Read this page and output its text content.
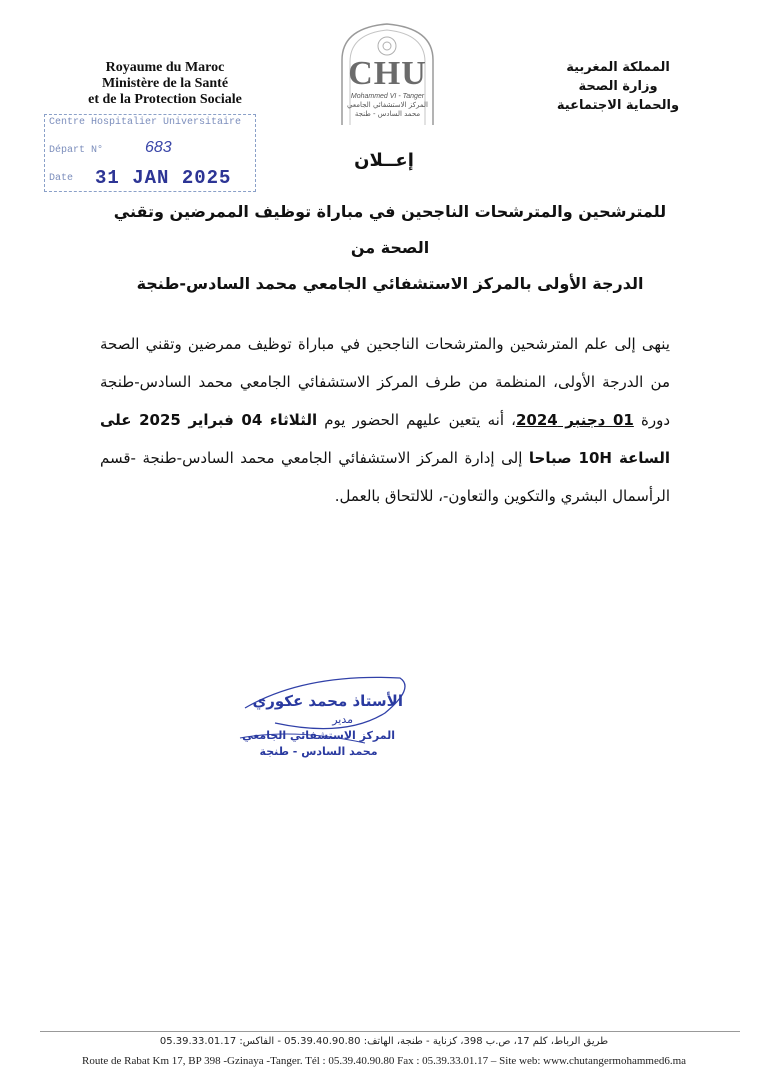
Royaume du Maroc
Ministère de la Santé
et de la Protection Sociale
CHU
Mohammed VI - Tanger
المركز الاستشفائي الجامعي
محمد السادس - طنجة
المملكة المغربية
وزارة الصحة
والحماية الاجتماعية
Centre Hospitalier Universitaire
Départ N°	683
Date 31 JAN 2025
إعــلان
للمترشحين والمترشحات الناجحين في مباراة توظيف الممرضين وتقني الصحة من
الدرجة الأولى بالمركز الاستشفائي الجامعي محمد السادس-طنجة
ينهى إلى علم المترشحين والمترشحات الناجحين في مباراة توظيف ممرضين وتقني الصحة من الدرجة الأولى، المنظمة من طرف المركز الاستشفائي الجامعي محمد السادس-طنجة دورة 01 دجنبر 2024، أنه يتعين عليهم الحضور يوم الثلاثاء 04 فبراير 2025 على الساعة 10H صباحا إلى إدارة المركز الاستشفائي الجامعي محمد السادس-طنجة -قسم الرأسمال البشري والتكوين والتعاون-، للالتحاق بالعمل.
الأستاذ محمد عكوري
مدير
المركز الاستشفائي الجامعي
محمد السادس - طنجة
طريق الرباط، كلم 17، ص.ب 398، كزناية - طنجة، الهاتف: 05.39.40.90.80 - الفاكس: 05.39.33.01.17
Route de Rabat Km 17, BP 398 -Gzinaya -Tanger. Tél : 05.39.40.90.80 Fax : 05.39.33.01.17 – Site web: www.chutangermohammed6.ma
